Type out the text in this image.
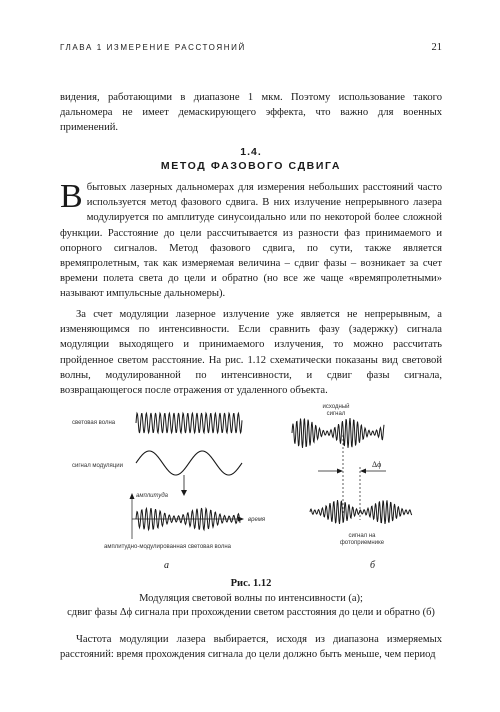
ГЛАВА 1 ИЗМЕРЕНИЕ РАССТОЯНИЙ	21

видения, работающими в диапазоне 1 мкм. Поэтому использование такого дальномера не имеет демаскирующего эффекта, что важно для военных применений.

1.4.
МЕТОД ФАЗОВОГО СДВИГА

В бытовых лазерных дальномерах для измерения небольших расстояний часто используется метод фазового сдвига. В них излучение непрерывного лазера модулируется по амплитуде синусоидально или по некоторой более сложной функции. Расстояние до цели рассчитывается из разности фаз принимаемого и опорного сигналов. Метод фазового сдвига, по сути, также является времяпролетным, так как измеряемая величина – сдвиг фазы – возникает за счет времени полета света до цели и обратно (но все же чаще «времяпролетными» называют импульсные дальномеры).

За счет модуляции лазерное излучение уже является не непрерывным, а изменяющимся по интенсивности. Если сравнить фазу (задержку) сигнала модуляции выходящего и принимаемого излучения, то можно рассчитать пройденное светом расстояние. На рис. 1.12 схематически показаны вид световой волны, модулированной по интенсивности, и сдвиг фазы сигнала, возвращающегося после отражения от удаленного объекта.

световая волна
сигнал модуляции
амплитуда
время
амплитудно-модулированная световая волна
исходный
сигнал
Δϕ
сигнал на
фотоприемнике
а	б
Рис. 1.12
Модуляция световой волны по интенсивности (а);
сдвиг фазы Δϕ сигнала при прохождении светом расстояния до цели и обратно (б)

Частота модуляции лазера выбирается, исходя из диапазона измеряемых расстояний: время прохождения сигнала до цели должно быть меньше, чем период
